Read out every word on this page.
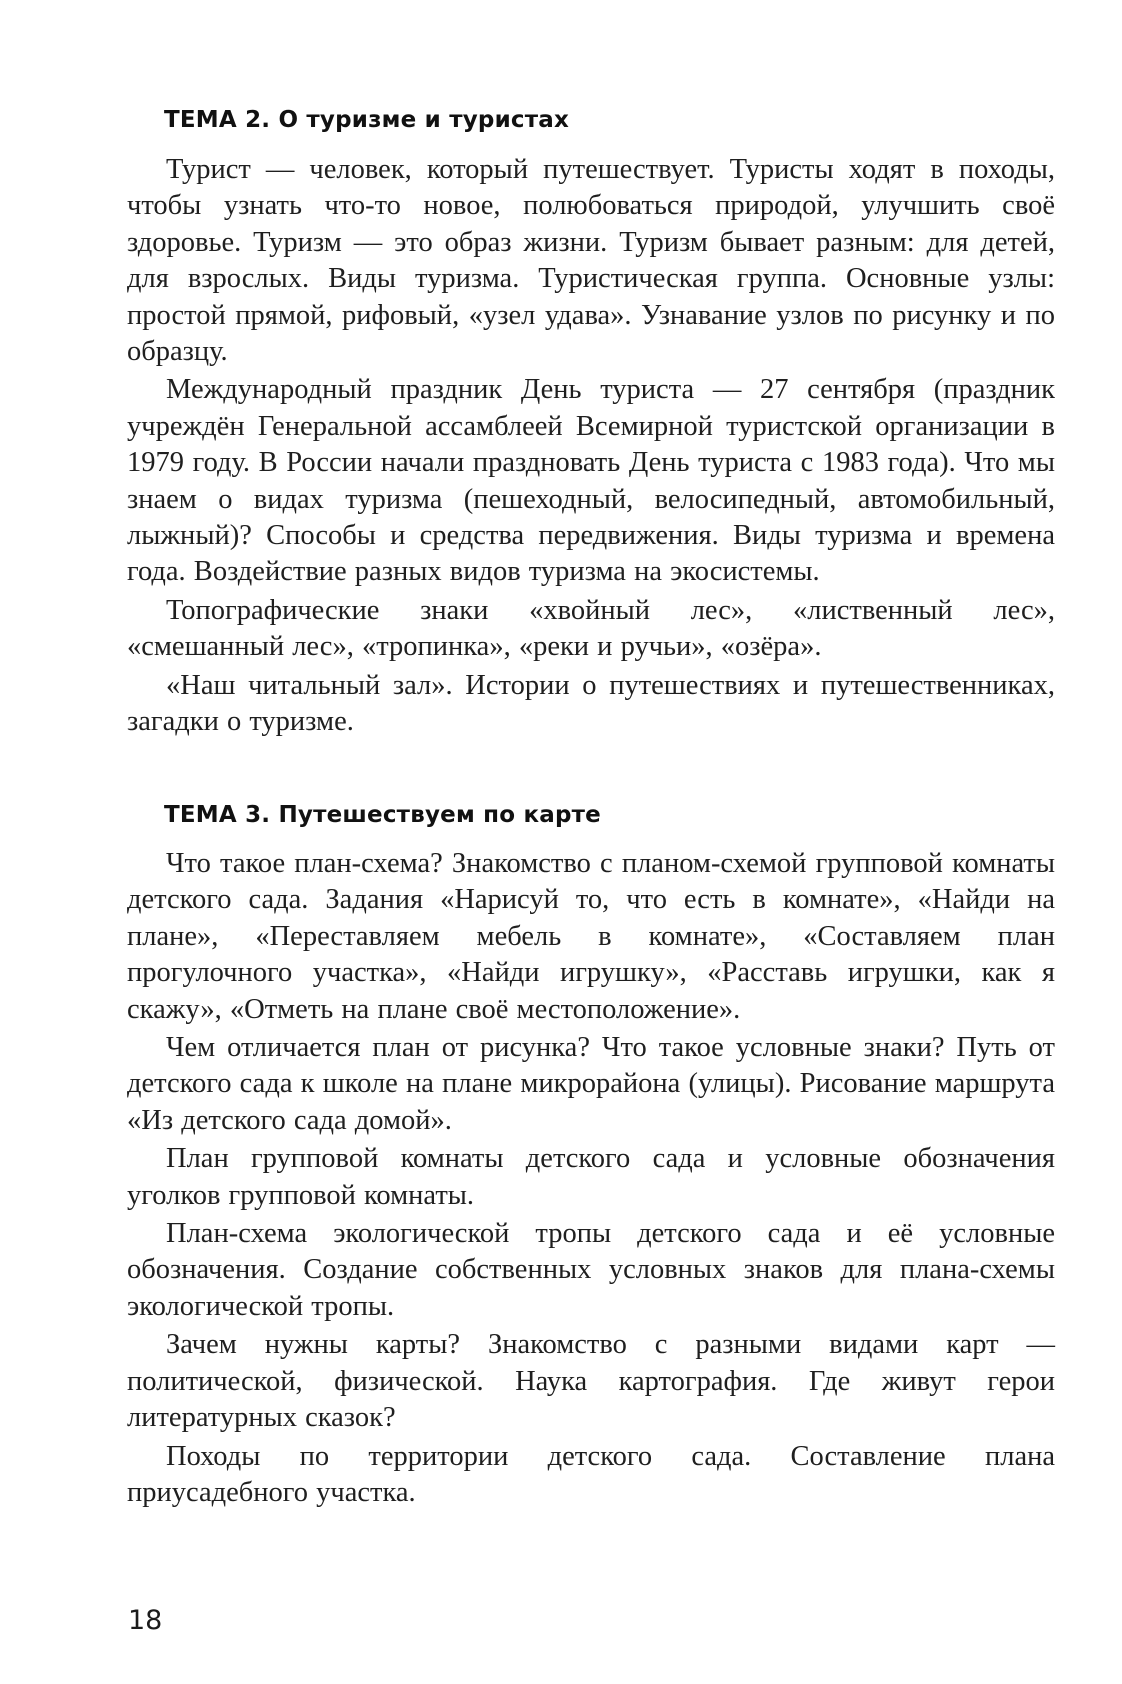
ТЕМА 2. О туризме и туристах

Турист — человек, который путешествует. Туристы ходят в походы, чтобы узнать что-то новое, полюбоваться природой, улучшить своё здоровье. Туризм — это образ жизни. Туризм бывает разным: для детей, для взрослых. Виды туризма. Туристическая группа. Основные узлы: простой прямой, рифовый, «узел удава». Узнавание узлов по рисунку и по образцу.

Международный праздник День туриста — 27 сентября (праздник учреждён Генеральной ассамблеей Всемирной туристской организации в 1979 году. В России начали праздновать День туриста с 1983 года). Что мы знаем о видах туризма (пешеходный, велосипедный, автомобильный, лыжный)? Способы и средства передвижения. Виды туризма и времена года. Воздействие разных видов туризма на экосистемы.

Топографические знаки «хвойный лес», «лиственный лес», «смешанный лес», «тропинка», «реки и ручьи», «озёра».

«Наш читальный зал». Истории о путешествиях и путешественниках, загадки о туризме.

ТЕМА 3. Путешествуем по карте

Что такое план-схема? Знакомство с планом-схемой групповой комнаты детского сада. Задания «Нарисуй то, что есть в комнате», «Найди на плане», «Переставляем мебель в комнате», «Составляем план прогулочного участка», «Найди игрушку», «Расставь игрушки, как я скажу», «Отметь на плане своё местоположение».

Чем отличается план от рисунка? Что такое условные знаки? Путь от детского сада к школе на плане микрорайона (улицы). Рисование маршрута «Из детского сада домой».

План групповой комнаты детского сада и условные обозначения уголков групповой комнаты.

План-схема экологической тропы детского сада и её условные обозначения. Создание собственных условных знаков для плана-схемы экологической тропы.

Зачем нужны карты? Знакомство с разными видами карт — политической, физической. Наука картография. Где живут герои литературных сказок?

Походы по территории детского сада. Составление плана приусадебного участка.

18
